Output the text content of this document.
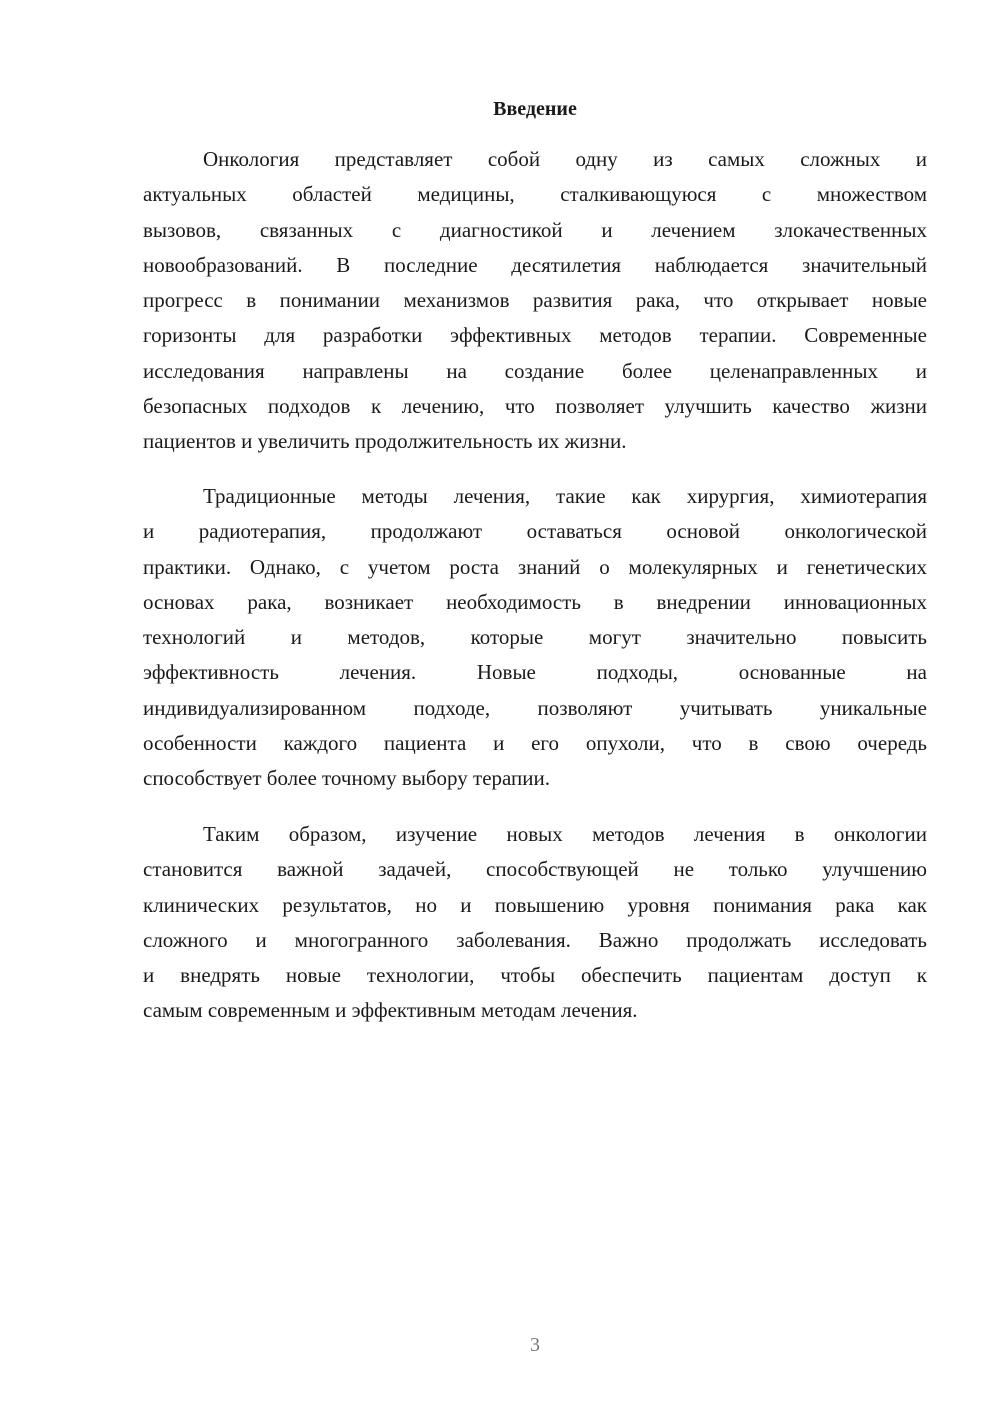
Введение
Онкология представляет собой одну из самых сложных и
актуальных областей медицины, сталкивающуюся с множеством
вызовов, связанных с диагностикой и лечением злокачественных
новообразований. В последние десятилетия наблюдается значительный
прогресс в понимании механизмов развития рака, что открывает новые
горизонты для разработки эффективных методов терапии. Современные
исследования направлены на создание более целенаправленных и
безопасных подходов к лечению, что позволяет улучшить качество жизни
пациентов и увеличить продолжительность их жизни.
Традиционные методы лечения, такие как хирургия, химиотерапия
и радиотерапия, продолжают оставаться основой онкологической
практики. Однако, с учетом роста знаний о молекулярных и генетических
основах рака, возникает необходимость в внедрении инновационных
технологий и методов, которые могут значительно повысить
эффективность лечения. Новые подходы, основанные на
индивидуализированном подходе, позволяют учитывать уникальные
особенности каждого пациента и его опухоли, что в свою очередь
способствует более точному выбору терапии.
Таким образом, изучение новых методов лечения в онкологии
становится важной задачей, способствующей не только улучшению
клинических результатов, но и повышению уровня понимания рака как
сложного и многогранного заболевания. Важно продолжать исследовать
и внедрять новые технологии, чтобы обеспечить пациентам доступ к
самым современным и эффективным методам лечения.
3
